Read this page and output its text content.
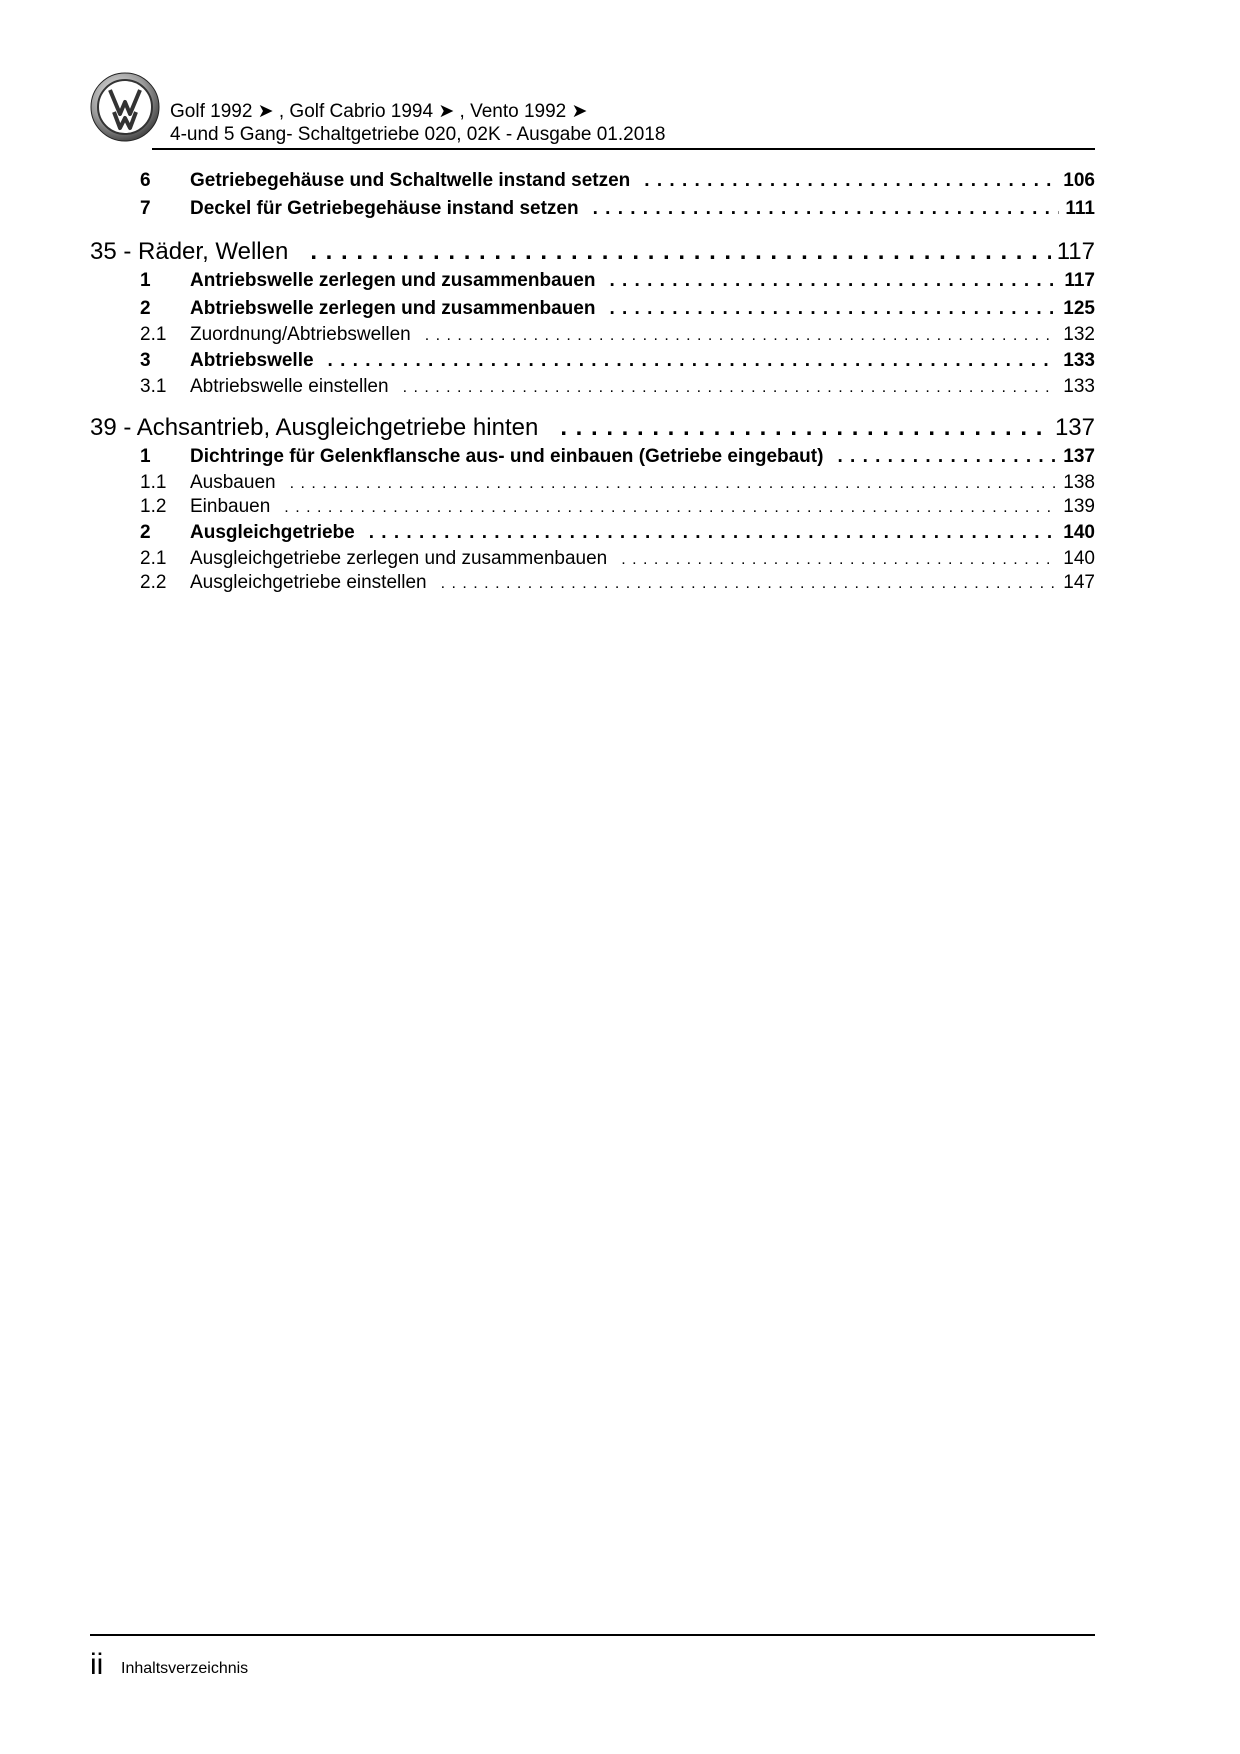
Golf 1992 ➤ , Golf Cabrio 1994 ➤ , Vento 1992 ➤
4-und 5 Gang- Schaltgetriebe 020, 02K - Ausgabe 01.2018
6	Getriebegehäuse und Schaltwelle instand setzen . . .	106
7	Deckel für Getriebegehäuse instand setzen . . .	111
35 - Räder, Wellen . . .	117
1	Antriebswelle zerlegen und zusammenbauen . . .	117
2	Abtriebswelle zerlegen und zusammenbauen . . .	125
2.1	Zuordnung/Abtriebswellen . . .	132
3	Abtriebswelle . . .	133
3.1	Abtriebswelle einstellen . . .	133
39 - Achsantrieb, Ausgleichgetriebe hinten . . .	137
1	Dichtringe für Gelenkflansche aus- und einbauen (Getriebe eingebaut) . . .	137
1.1	Ausbauen . . .	138
1.2	Einbauen . . .	139
2	Ausgleichgetriebe . . .	140
2.1	Ausgleichgetriebe zerlegen und zusammenbauen . . .	140
2.2	Ausgleichgetriebe einstellen . . .	147
ii Inhaltsverzeichnis
